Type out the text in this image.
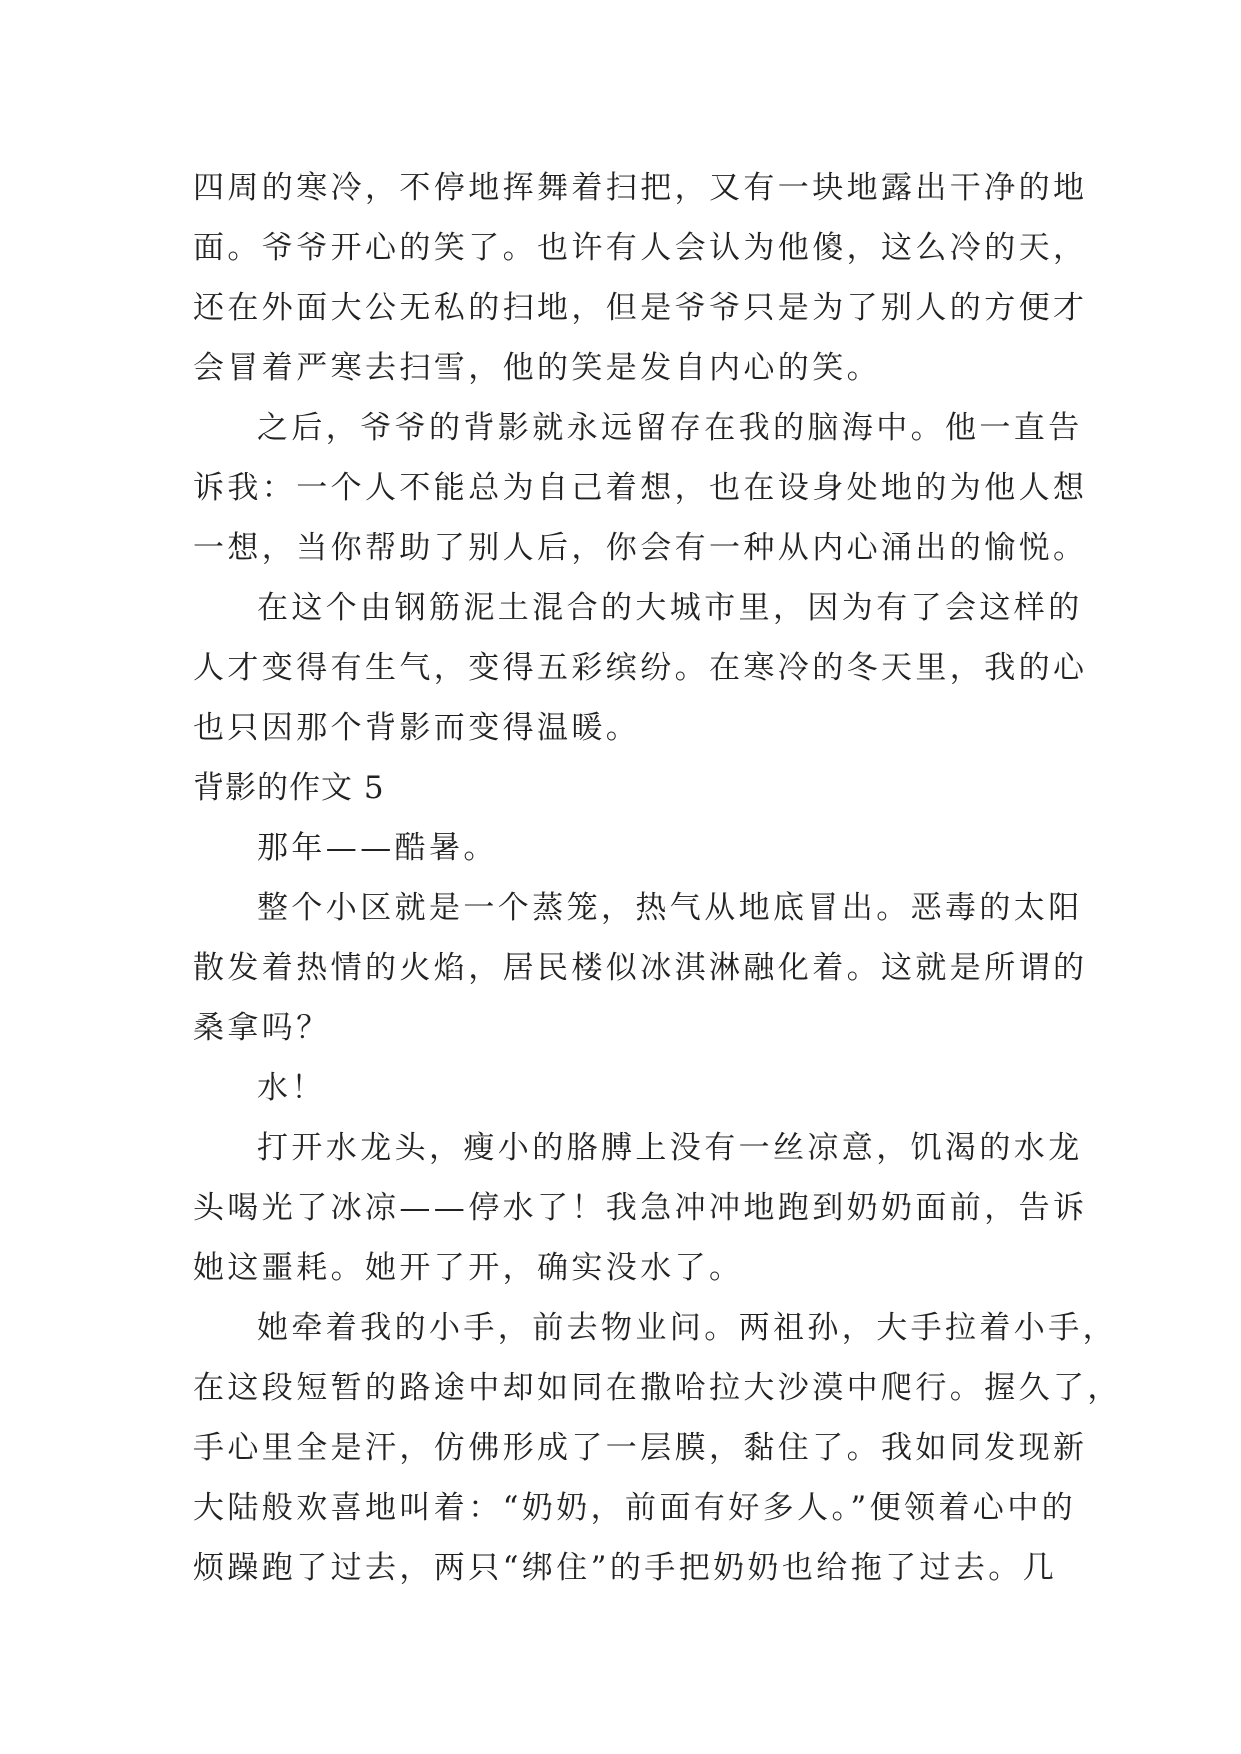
四周的寒冷，不停地挥舞着扫把，又有一块地露出干净的地
面。爷爷开心的笑了。也许有人会认为他傻，这么冷的天，
还在外面大公无私的扫地，但是爷爷只是为了别人的方便才
会冒着严寒去扫雪，他的笑是发自内心的笑。
之后，爷爷的背影就永远留存在我的脑海中。他一直告
诉我：一个人不能总为自己着想，也在设身处地的为他人想
一想，当你帮助了别人后，你会有一种从内心涌出的愉悦。
在这个由钢筋泥土混合的大城市里，因为有了会这样的
人才变得有生气，变得五彩缤纷。在寒冷的冬天里，我的心
也只因那个背影而变得温暖。
背影的作文 5
那年——酷暑。
整个小区就是一个蒸笼，热气从地底冒出。恶毒的太阳
散发着热情的火焰，居民楼似冰淇淋融化着。这就是所谓的
桑拿吗？
水！
打开水龙头，瘦小的胳膊上没有一丝凉意，饥渴的水龙
头喝光了冰凉——停水了！我急冲冲地跑到奶奶面前，告诉
她这噩耗。她开了开，确实没水了。
她牵着我的小手，前去物业问。两祖孙，大手拉着小手，
在这段短暂的路途中却如同在撒哈拉大沙漠中爬行。握久了，
手心里全是汗，仿佛形成了一层膜，黏住了。我如同发现新
大陆般欢喜地叫着：“奶奶，前面有好多人。”便领着心中的
烦躁跑了过去，两只“绑住”的手把奶奶也给拖了过去。几
